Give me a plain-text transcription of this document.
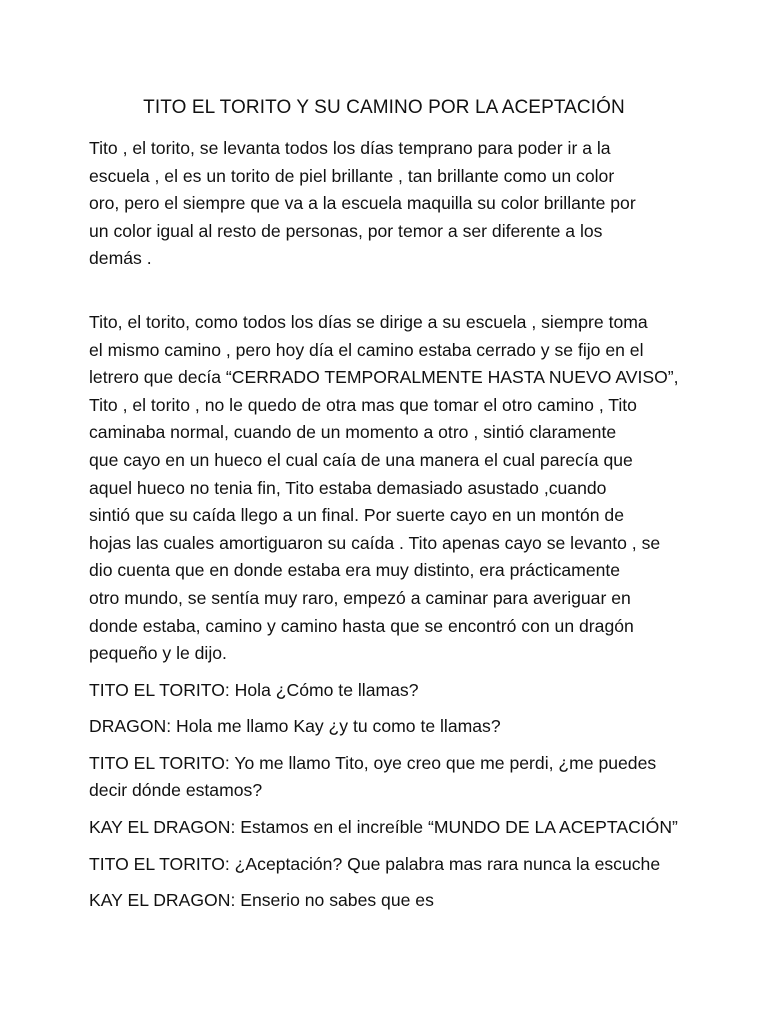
TITO EL TORITO Y SU CAMINO POR LA ACEPTACIÓN

Tito , el torito, se levanta todos los días temprano para poder ir a la
escuela , el es un torito de piel brillante , tan brillante como un color
oro, pero el siempre que va a la escuela maquilla su color brillante por
un color igual al resto de personas, por temor a ser diferente a los
demás .

Tito, el torito, como todos los días se dirige a su escuela , siempre toma
el mismo camino , pero hoy día el camino estaba cerrado y se fijo en el
letrero que decía “CERRADO TEMPORALMENTE HASTA NUEVO AVISO”,
Tito , el torito , no le quedo de otra mas que tomar el otro camino , Tito
caminaba normal, cuando de un momento a otro , sintió claramente
que cayo en un hueco el cual caía de una manera el cual parecía que
aquel hueco no tenia fin, Tito estaba demasiado asustado ,cuando
sintió que su caída llego a un final. Por suerte cayo en un montón de
hojas las cuales amortiguaron su caída . Tito apenas cayo se levanto , se
dio cuenta que en donde estaba era muy distinto, era prácticamente
otro mundo, se sentía muy raro, empezó a caminar para averiguar en
donde estaba, camino y camino hasta que se encontró con un dragón
pequeño y le dijo.

TITO EL TORITO: Hola ¿Cómo te llamas?

DRAGON: Hola me llamo Kay ¿y tu como te llamas?

TITO EL TORITO: Yo me llamo Tito, oye creo que me perdi, ¿me puedes
decir dónde estamos?

KAY EL DRAGON: Estamos en el increíble “MUNDO DE LA ACEPTACIÓN”

TITO EL TORITO: ¿Aceptación? Que palabra mas rara nunca la escuche

KAY EL DRAGON: Enserio no sabes que es
